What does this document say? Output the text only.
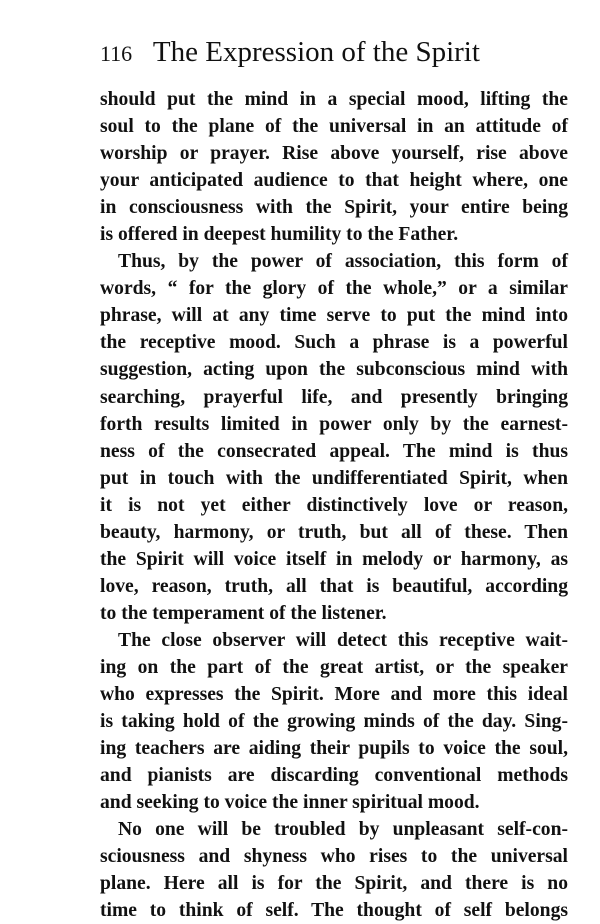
116 The Expression of the Spirit
should put the mind in a special mood, lifting the
soul to the plane of the universal in an attitude of
worship or prayer. Rise above yourself, rise above
your anticipated audience to that height where, one
in consciousness with the Spirit, your entire being
is offered in deepest humility to the Father.
Thus, by the power of association, this form of
words, “ for the glory of the whole,” or a similar
phrase, will at any time serve to put the mind into
the receptive mood. Such a phrase is a powerful
suggestion, acting upon the subconscious mind with
searching, prayerful life, and presently bringing
forth results limited in power only by the earnest-
ness of the consecrated appeal. The mind is thus
put in touch with the undifferentiated Spirit, when
it is not yet either distinctively love or reason,
beauty, harmony, or truth, but all of these. Then
the Spirit will voice itself in melody or harmony, as
love, reason, truth, all that is beautiful, according
to the temperament of the listener.
The close observer will detect this receptive wait-
ing on the part of the great artist, or the speaker
who expresses the Spirit. More and more this ideal
is taking hold of the growing minds of the day. Sing-
ing teachers are aiding their pupils to voice the soul,
and pianists are discarding conventional methods
and seeking to voice the inner spiritual mood.
No one will be troubled by unpleasant self-con-
sciousness and shyness who rises to the universal
plane. Here all is for the Spirit, and there is no
time to think of self. The thought of self belongs
